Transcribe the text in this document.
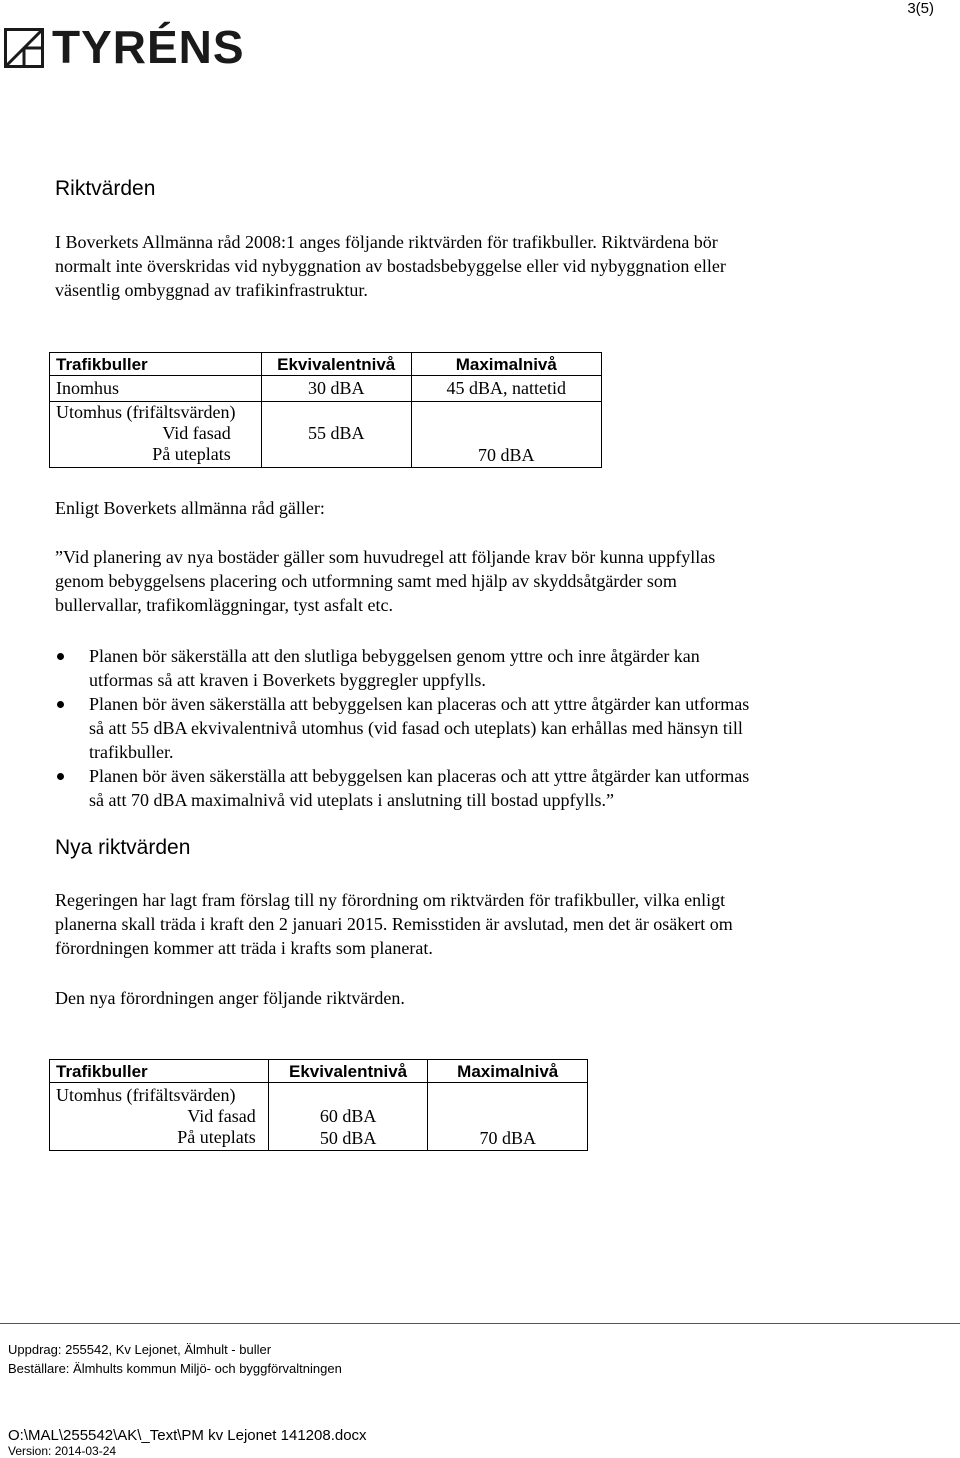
3(5)
TYRÉNS
Riktvärden
I Boverkets Allmänna råd 2008:1 anges följande riktvärden för trafikbuller. Riktvärdena bör
normalt inte överskridas vid nybyggnation av bostadsbebyggelse eller vid nybyggnation eller
väsentlig ombyggnad av trafikinfrastruktur.
Trafikbuller	Ekvivalentnivå	Maximalnivå
Inomhus	30 dBA	45 dBA, nattetid
Utomhus (frifältsvärden)		
Vid fasad	55 dBA	
På uteplats		70 dBA
Enligt Boverkets allmänna råd gäller:
”Vid planering av nya bostäder gäller som huvudregel att följande krav bör kunna uppfyllas
genom bebyggelsens placering och utformning samt med hjälp av skyddsåtgärder som
bullervallar, trafikomläggningar, tyst asfalt etc.
Planen bör säkerställa att den slutliga bebyggelsen genom yttre och inre åtgärder kan
utformas så att kraven i Boverkets byggregler uppfylls.
Planen bör även säkerställa att bebyggelsen kan placeras och att yttre åtgärder kan utformas
så att 55 dBA ekvivalentnivå utomhus (vid fasad och uteplats) kan erhållas med hänsyn till
trafikbuller.
Planen bör även säkerställa att bebyggelsen kan placeras och att yttre åtgärder kan utformas
så att 70 dBA maximalnivå vid uteplats i anslutning till bostad uppfylls.”
Nya riktvärden
Regeringen har lagt fram förslag till ny förordning om riktvärden för trafikbuller, vilka enligt
planerna skall träda i kraft den 2 januari 2015. Remisstiden är avslutad, men det är osäkert om
förordningen kommer att träda i krafts som planerat.
Den nya förordningen anger följande riktvärden.
Trafikbuller	Ekvivalentnivå	Maximalnivå
Utomhus (frifältsvärden)		
Vid fasad	60 dBA	
På uteplats	50 dBA	70 dBA
Uppdrag: 255542, Kv Lejonet, Älmhult - buller
Beställare: Älmhults kommun Miljö- och byggförvaltningen
O:\MAL\255542\AK\_Text\PM kv Lejonet 141208.docx
Version: 2014-03-24
